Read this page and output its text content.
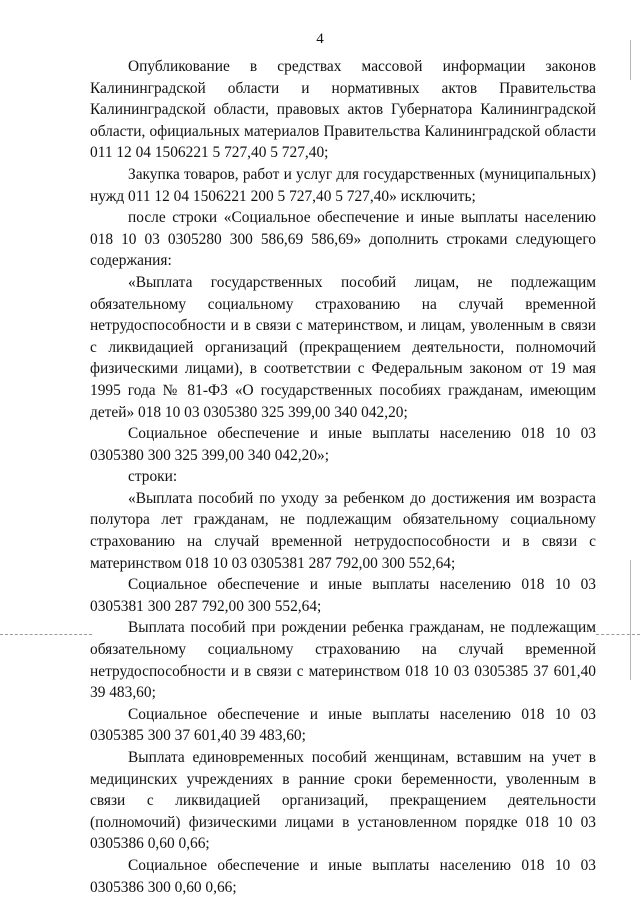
4

Опубликование в средствах массовой информации законов Калининградской области и нормативных актов Правительства Калининградской области, правовых актов Губернатора Калининградской области, официальных материалов Правительства Калининградской области 011 12 04 1506221 5 727,40 5 727,40;

Закупка товаров, работ и услуг для государственных (муниципальных) нужд 011 12 04 1506221 200 5 727,40 5 727,40» исключить;

после строки «Социальное обеспечение и иные выплаты населению 018 10 03 0305280 300 586,69 586,69» дополнить строками следующего содержания:

«Выплата государственных пособий лицам, не подлежащим обязательному социальному страхованию на случай временной нетрудоспособности и в связи с материнством, и лицам, уволенным в связи с ликвидацией организаций (прекращением деятельности, полномочий физическими лицами), в соответствии с Федеральным законом от 19 мая 1995 года № 81-ФЗ «О государственных пособиях гражданам, имеющим детей» 018 10 03 0305380 325 399,00 340 042,20;

Социальное обеспечение и иные выплаты населению 018 10 03 0305380 300 325 399,00 340 042,20»;

строки:

«Выплата пособий по уходу за ребенком до достижения им возраста полутора лет гражданам, не подлежащим обязательному социальному страхованию на случай временной нетрудоспособности и в связи с материнством 018 10 03 0305381 287 792,00 300 552,64;

Социальное обеспечение и иные выплаты населению 018 10 03 0305381 300 287 792,00 300 552,64;

Выплата пособий при рождении ребенка гражданам, не подлежащим обязательному социальному страхованию на случай временной нетрудоспособности и в связи с материнством 018 10 03 0305385 37 601,40 39 483,60;

Социальное обеспечение и иные выплаты населению 018 10 03 0305385 300 37 601,40 39 483,60;

Выплата единовременных пособий женщинам, вставшим на учет в медицинских учреждениях в ранние сроки беременности, уволенным в связи с ликвидацией организаций, прекращением деятельности (полномочий) физическими лицами в установленном порядке 018 10 03 0305386 0,60 0,66;

Социальное обеспечение и иные выплаты населению 018 10 03 0305386 300 0,60 0,66;
